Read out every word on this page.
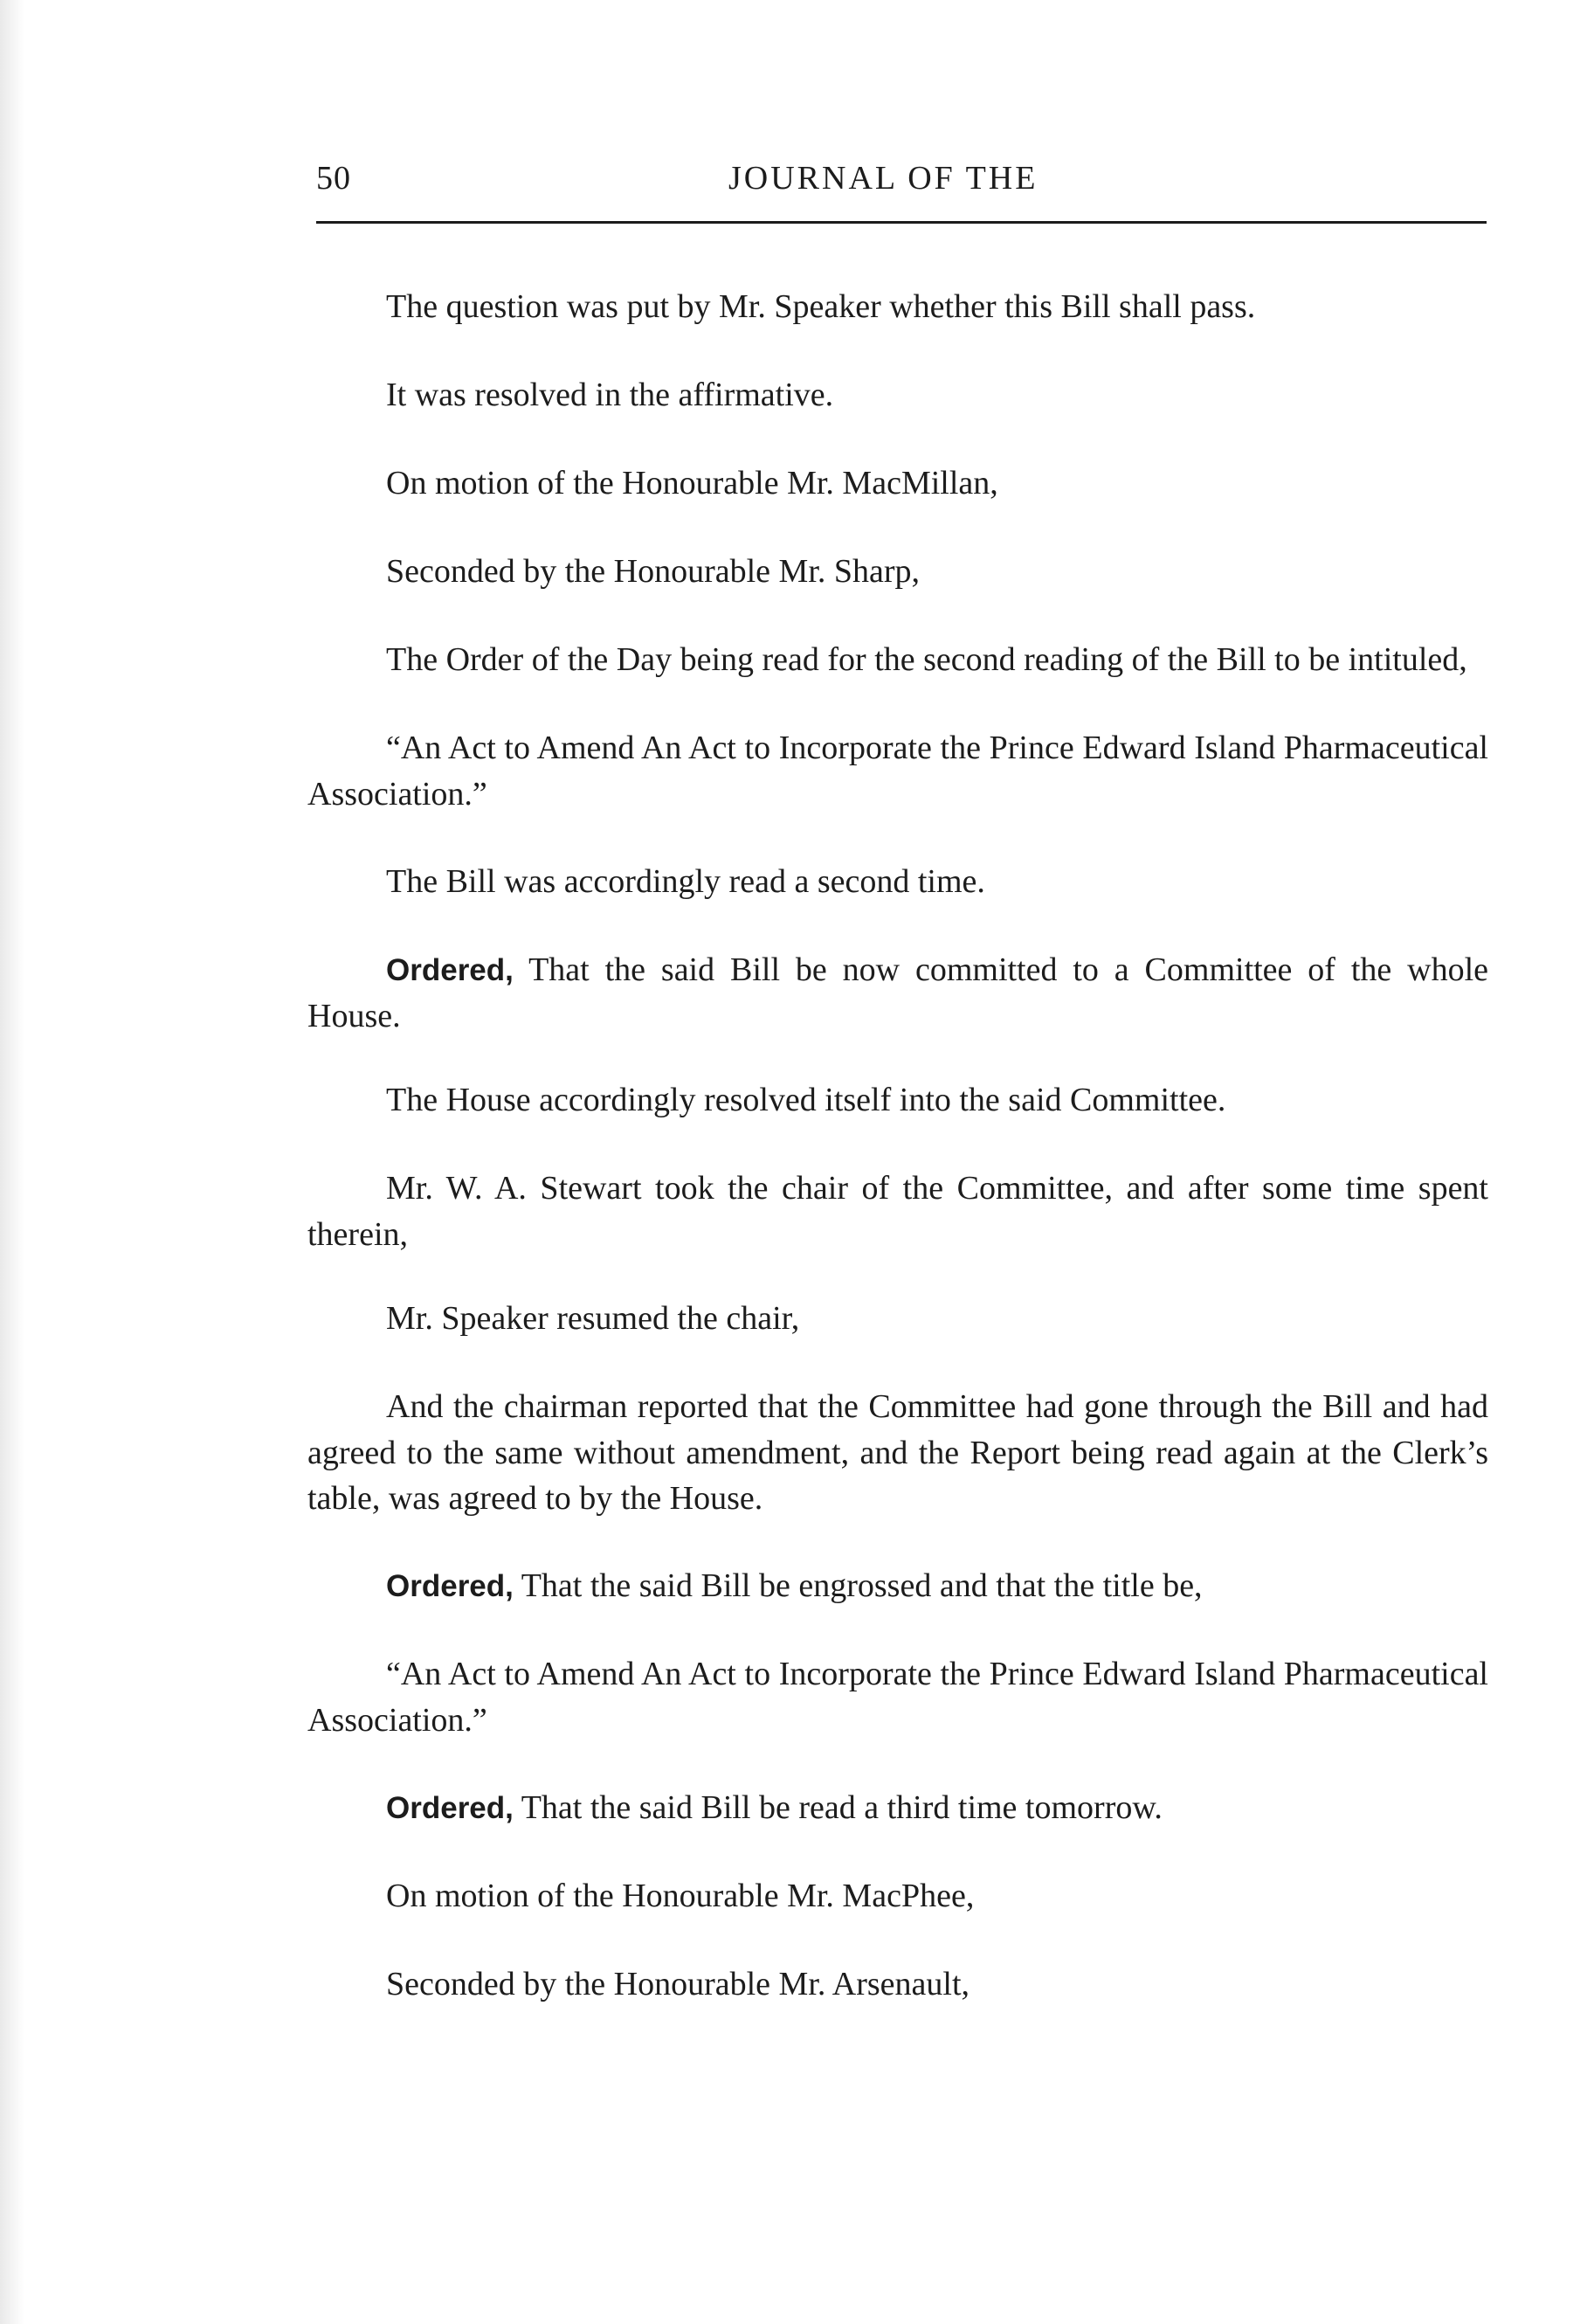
50	JOURNAL OF THE

The question was put by Mr. Speaker whether this Bill shall pass.

It was resolved in the affirmative.

On motion of the Honourable Mr. MacMillan,

Seconded by the Honourable Mr. Sharp,

The Order of the Day being read for the second reading of the Bill to be intituled,

“An Act to Amend An Act to Incorporate the Prince Edward Island Pharmaceutical Association.”

The Bill was accordingly read a second time.

Ordered, That the said Bill be now committed to a Committee of the whole House.

The House accordingly resolved itself into the said Committee.

Mr. W. A. Stewart took the chair of the Committee, and after some time spent therein,

Mr. Speaker resumed the chair,

And the chairman reported that the Committee had gone through the Bill and had agreed to the same without amendment, and the Report being read again at the Clerk’s table, was agreed to by the House.

Ordered, That the said Bill be engrossed and that the title be,

“An Act to Amend An Act to Incorporate the Prince Edward Island Pharmaceutical Association.”

Ordered, That the said Bill be read a third time tomorrow.

On motion of the Honourable Mr. MacPhee,

Seconded by the Honourable Mr. Arsenault,
